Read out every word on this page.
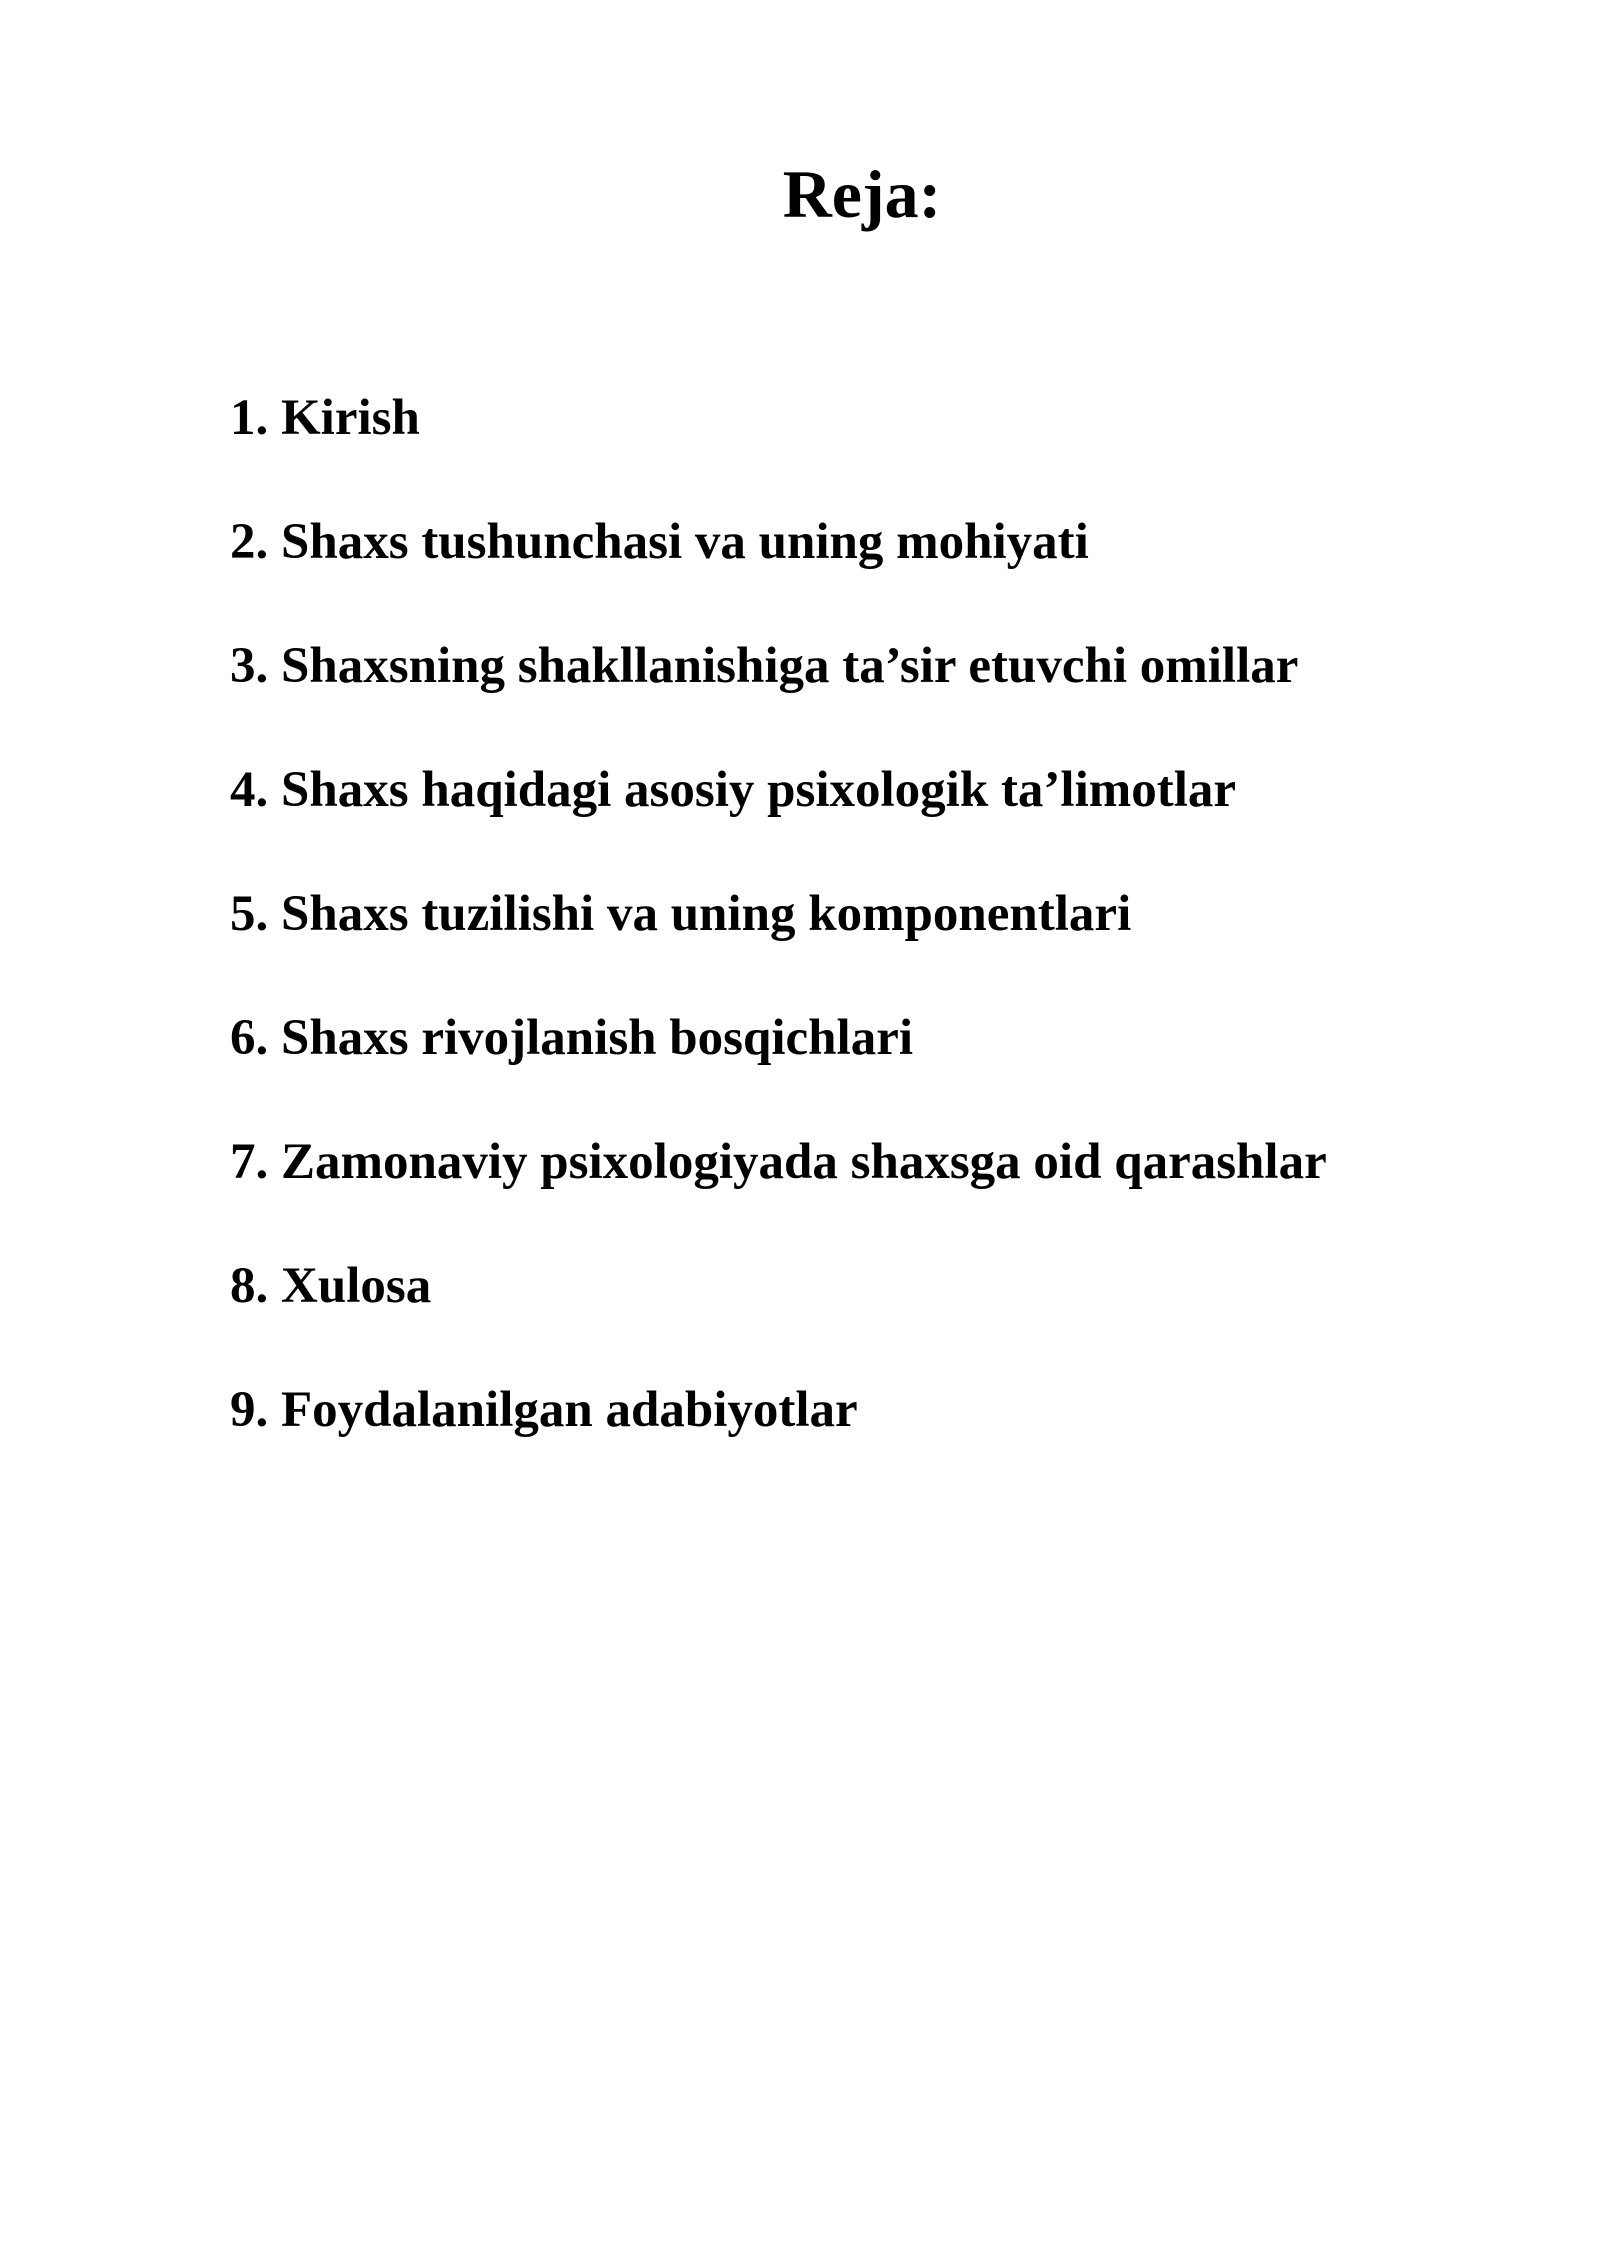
Reja:
1. Kirish
2. Shaxs tushunchasi va uning mohiyati
3. Shaxsning shakllanishiga ta’sir etuvchi omillar
4. Shaxs haqidagi asosiy psixologik ta’limotlar
5. Shaxs tuzilishi va uning komponentlari
6. Shaxs rivojlanish bosqichlari
7. Zamonaviy psixologiyada shaxsga oid qarashlar
8. Xulosa
9. Foydalanilgan adabiyotlar
